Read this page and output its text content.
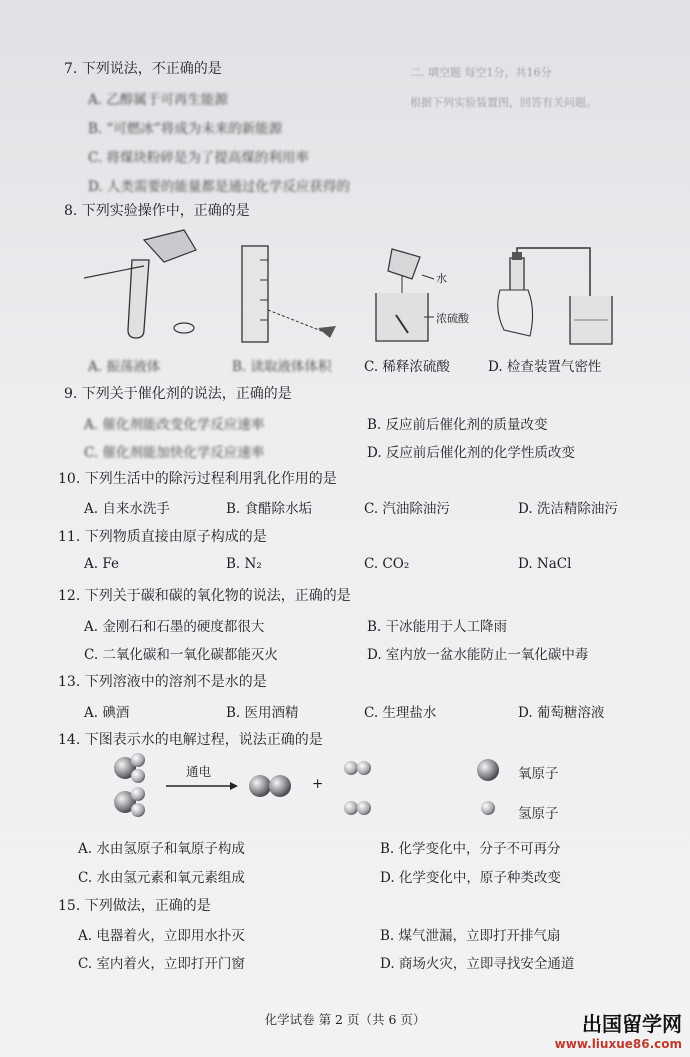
二. 填空题 每空1分，共16分
根据下列实验装置图，回答有关问题。
7. 下列说法，不正确的是
A. 乙醇属于可再生能源
B. “可燃冰”将成为未来的新能源
C. 将煤块粉碎是为了提高煤的利用率
D. 人类需要的能量都是通过化学反应获得的
8. 下列实验操作中，正确的是
水
浓硫酸
A. 振荡液体	B. 读取液体体积 C. 稀释浓硫酸	D. 检查装置气密性
9. 下列关于催化剂的说法，正确的是
A. 催化剂能改变化学反应速率	B. 反应前后催化剂的质量改变
C. 催化剂能加快化学反应速率	D. 反应前后催化剂的化学性质改变
10. 下列生活中的除污过程利用乳化作用的是
A. 自来水洗手	B. 食醋除水垢	C. 汽油除油污	D. 洗洁精除油污
11. 下列物质直接由原子构成的是
A. Fe	B. N₂	C. CO₂	D. NaCl
12. 下列关于碳和碳的氧化物的说法，正确的是
A. 金刚石和石墨的硬度都很大	B. 干冰能用于人工降雨
C. 二氧化碳和一氧化碳都能灭火	D. 室内放一盆水能防止一氧化碳中毒
13. 下列溶液中的溶剂不是水的是
A. 碘酒	B. 医用酒精	C. 生理盐水	D. 葡萄糖溶液
14. 下图表示水的电解过程，说法正确的是
通电
+
氧原子
氢原子
A. 水由氢原子和氧原子构成	B. 化学变化中，分子不可再分
C. 水由氢元素和氧元素组成	D. 化学变化中，原子种类改变
15. 下列做法，正确的是
A. 电器着火，立即用水扑灭	B. 煤气泄漏，立即打开排气扇
C. 室内着火，立即打开门窗	D. 商场火灾，立即寻找安全通道
化学试卷 第 2 页（共 6 页）	出国留学网
www.liuxue86.com
